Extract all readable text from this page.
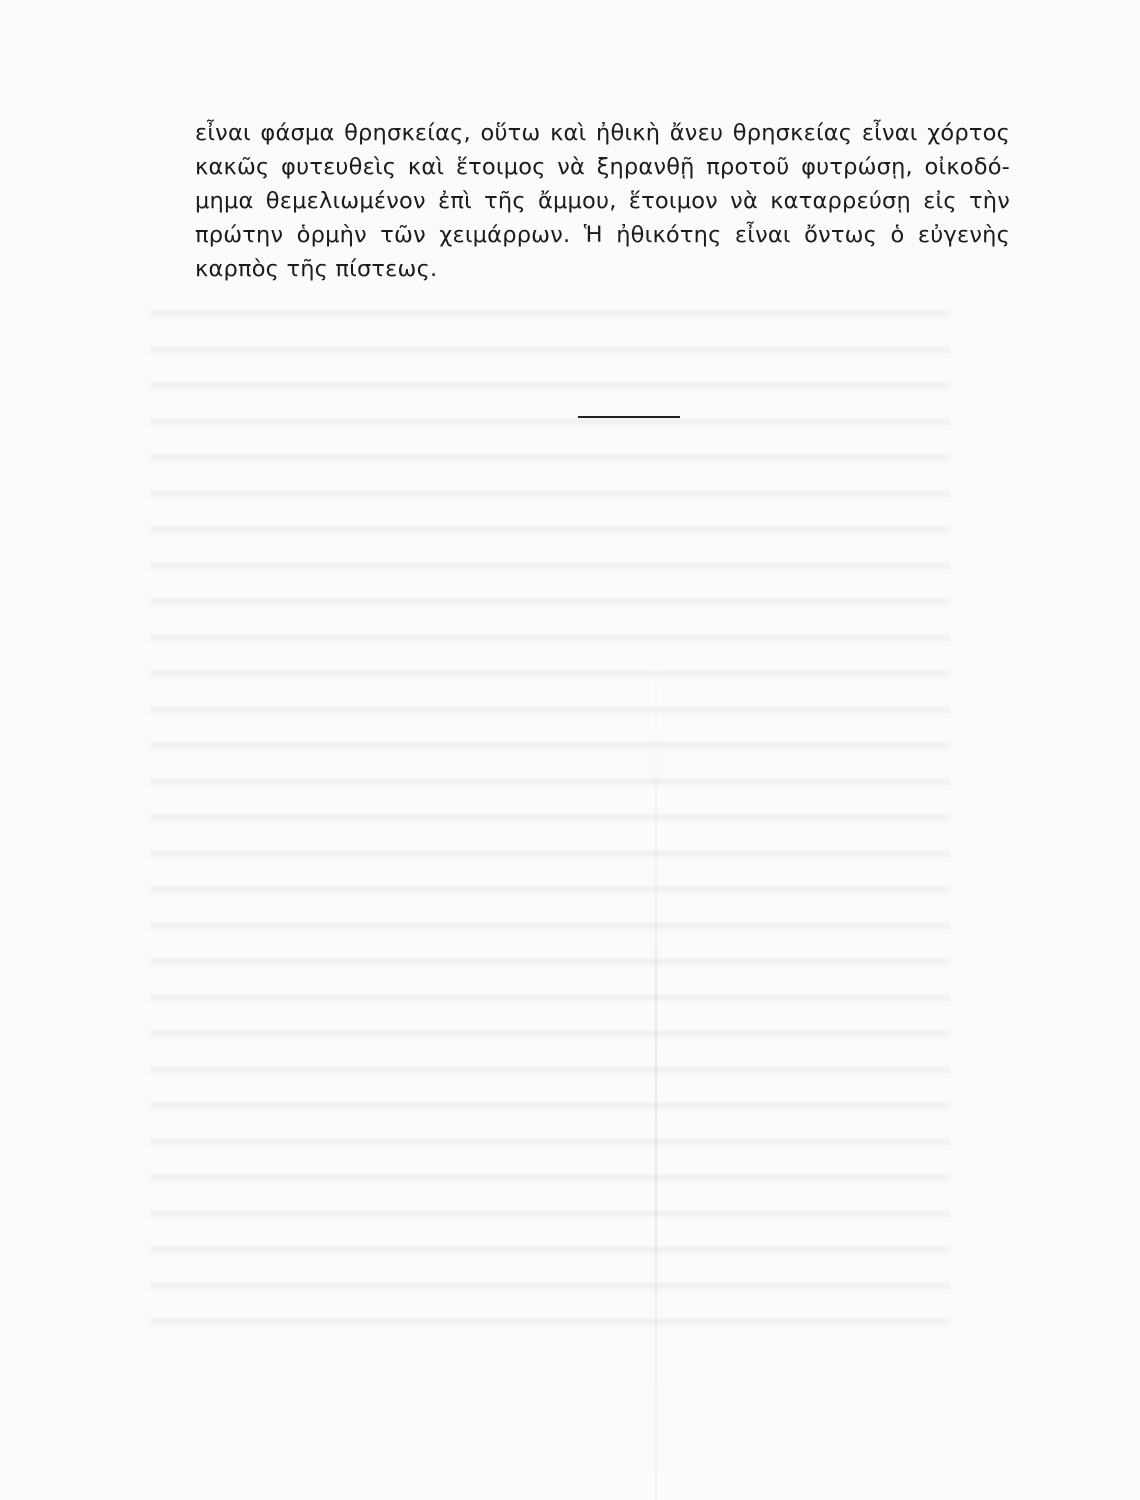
εἶναι φάσμα θρησκείας, οὕτω καὶ ἠθικὴ ἄνευ θρησκείας εἶναι χόρτος
κακῶς φυτευθεὶς καὶ ἕτοιμος νὰ ξηρανθῇ προτοῦ φυτρώσῃ, οἰκοδό-
μημα θεμελιωμένον ἐπὶ τῆς ἄμμου, ἕτοιμον νὰ καταρρεύσῃ εἰς τὴν
πρώτην ὁρμὴν τῶν χειμάρρων. Ἡ ἠθικότης εἶναι ὄντως ὁ εὐγενὴς
καρπὸς τῆς πίστεως.
